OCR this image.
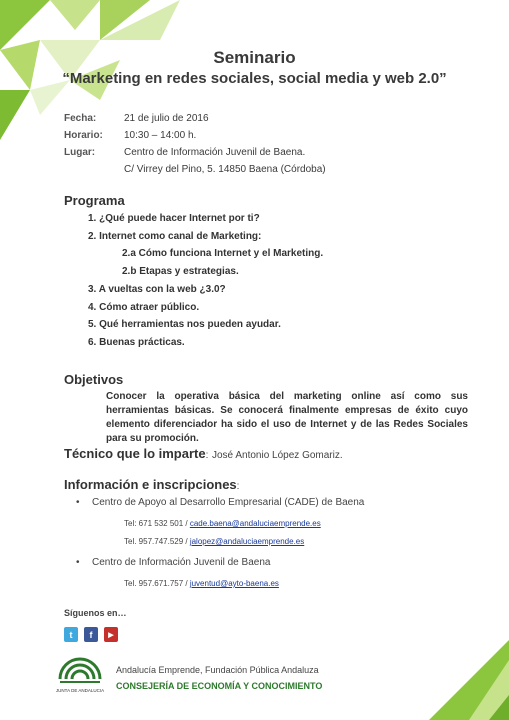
Seminario
“Marketing en redes sociales, social media y web 2.0”
Fecha:	21 de julio de 2016
Horario:	10:30 – 14:00 h.
Lugar:	Centro de Información Juvenil de Baena.
C/ Virrey del Pino, 5. 14850 Baena (Córdoba)
Programa
1. ¿Qué puede hacer Internet por ti?
2. Internet como canal de Marketing:
2.a Cómo funciona Internet y el Marketing.
2.b Etapas y estrategias.
3. A vueltas con la web ¿3.0?
4. Cómo atraer público.
5. Qué herramientas nos pueden ayudar.
6. Buenas prácticas.
Objetivos
Conocer la operativa básica del marketing online así como sus herramientas básicas. Se conocerá finalmente empresas de éxito cuyo elemento diferenciador ha sido el uso de Internet y de las Redes Sociales para su promoción.
Técnico que lo imparte: José Antonio López Gomariz.
Información e inscripciones:
•	Centro de Apoyo al Desarrollo Empresarial (CADE) de Baena
Tel: 671 532 501 / cade.baena@andaluciaemprende.es
Tel. 957.747.529 / jalopez@andaluciaemprende.es
•	Centro de Información Juvenil de Baena
Tel. 957.671.757 / juventud@ayto-baena.es
Síguenos en…
t	f	▶
JUNTA DE ANDALUCIA
Andalucía Emprende, Fundación Pública Andaluza
CONSEJERÍA DE ECONOMÍA Y CONOCIMIENTO
